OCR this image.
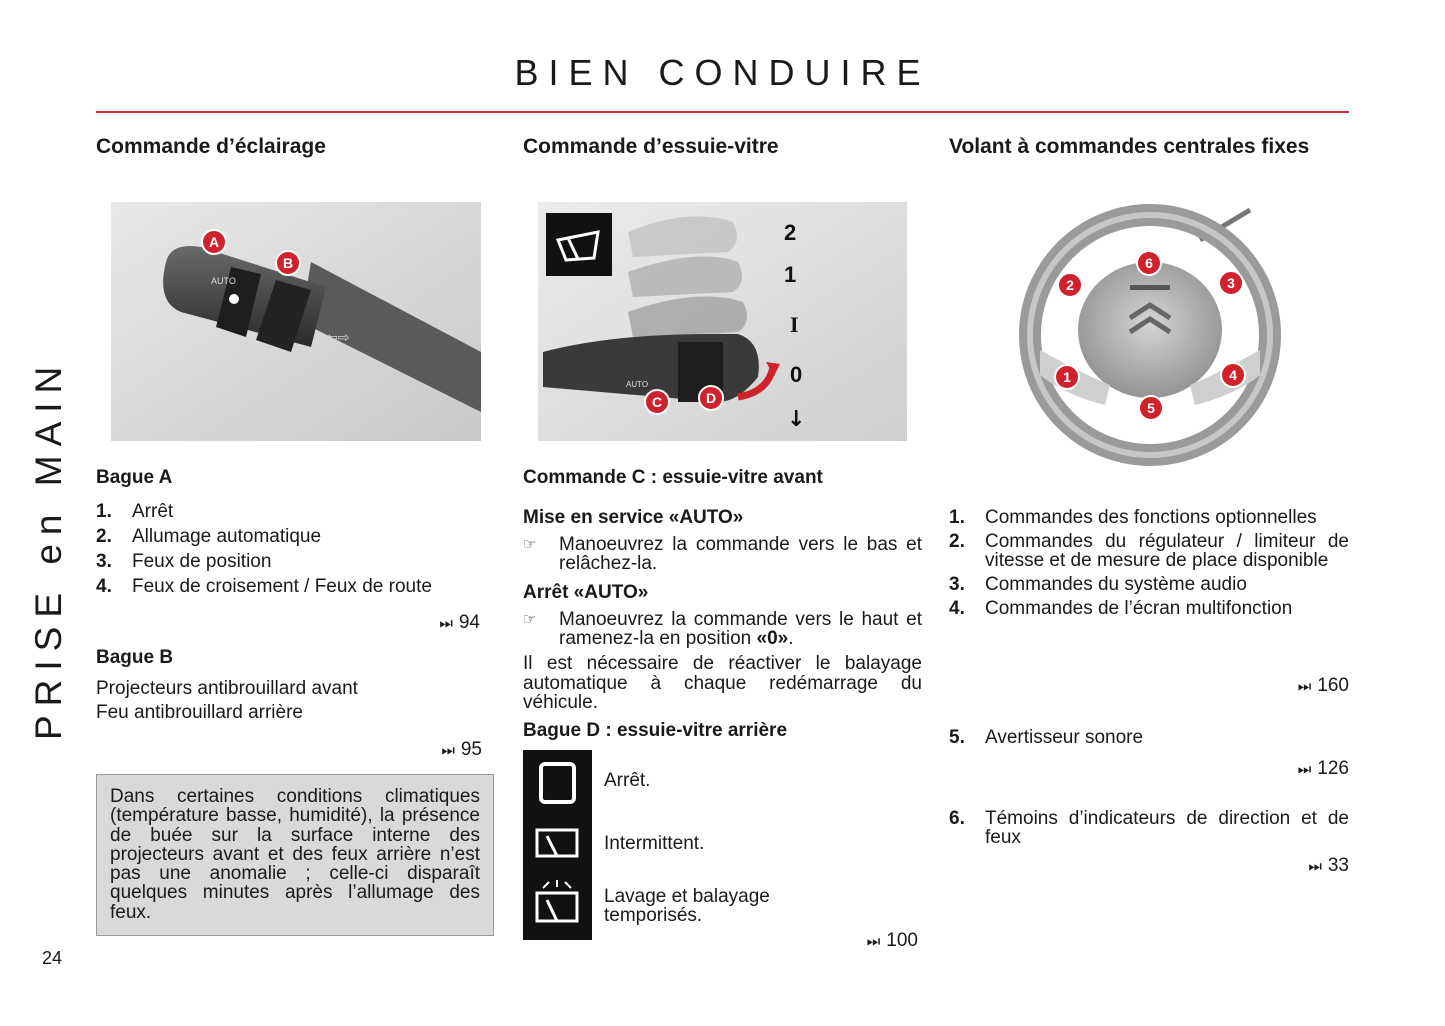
BIEN CONDUIRE
PRISE en MAIN
24
Commande d’éclairage
AUTO
⇦⇨
A
B
Bague A
1. Arrêt
2. Allumage automatique
3. Feux de position
4. Feux de croisement / Feux de route
⏭ 94
Bague B
Projecteurs antibrouillard avant
Feu antibrouillard arrière
⏭ 95
Dans certaines conditions climatiques (température basse, humidité), la présence de buée sur la surface interne des projecteurs avant et des feux arrière n’est pas une anomalie ; celle-ci disparaît quelques minutes après l’allumage des feux.
Commande d’essuie-vitre
AUTO
2
1
I
0
↓
C	D
Commande C : essuie-vitre avant
Mise en service «AUTO»
☞ Manoeuvrez la commande vers le bas et relâchez-la.
Arrêt «AUTO»
☞ Manoeuvrez la commande vers le haut et ramenez-la en position «0».
Il est nécessaire de réactiver le balayage automatique à chaque redémarrage du véhicule.
Bague D : essuie-vitre arrière
Arrêt.
Intermittent.
Lavage et balayage temporisés.
⏭ 100
Volant à commandes centrales fixes
1
2	3
4
5
6
1. Commandes des fonctions optionnelles
2. Commandes du régulateur / limiteur de vitesse et de mesure de place disponible
3. Commandes du système audio
4. Commandes de l’écran multifonction
⏭ 160
5. Avertisseur sonore
⏭ 126
6. Témoins d’indicateurs de direction et de feux
⏭ 33
